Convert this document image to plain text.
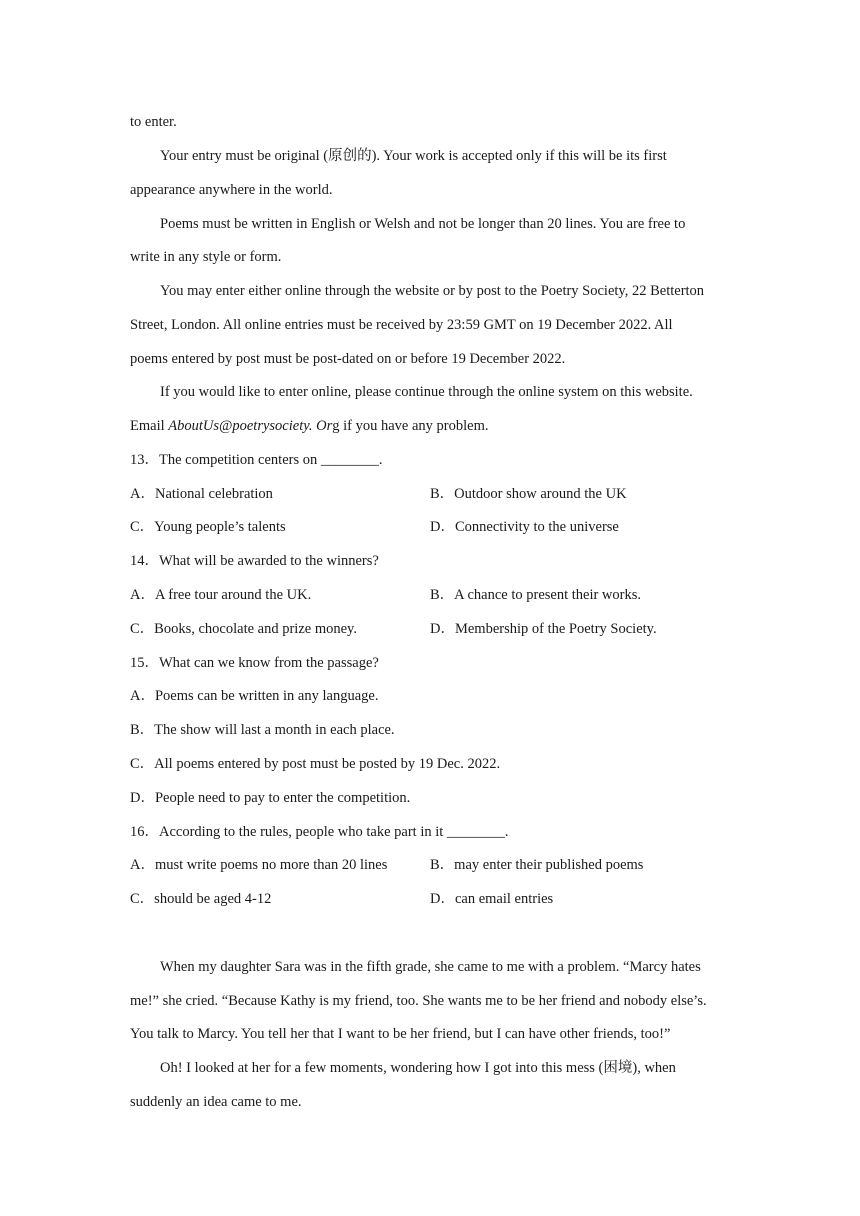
to enter.
Your entry must be original (原创的). Your work is accepted only if this will be its first
appearance anywhere in the world.
Poems must be written in English or Welsh and not be longer than 20 lines. You are free to
write in any style or form.
You may enter either online through the website or by post to the Poetry Society, 22 Betterton
Street, London. All online entries must be received by 23:59 GMT on 19 December 2022. All
poems entered by post must be post-dated on or before 19 December 2022.
If you would like to enter online, please continue through the online system on this website.
Email AboutUs@poetrysociety. Org if you have any problem.
13．The competition centers on ________.
A．National celebration	B．Outdoor show around the UK
C．Young people’s talents	D．Connectivity to the universe
14．What will be awarded to the winners?
A．A free tour around the UK.	B．A chance to present their works.
C．Books, chocolate and prize money.	D．Membership of the Poetry Society.
15．What can we know from the passage?
A．Poems can be written in any language.
B．The show will last a month in each place.
C．All poems entered by post must be posted by 19 Dec. 2022.
D．People need to pay to enter the competition.
16．According to the rules, people who take part in it ________.
A．must write poems no more than 20 lines	B．may enter their published poems
C．should be aged 4-12	D．can email entries
When my daughter Sara was in the fifth grade, she came to me with a problem. “Marcy hates
me!” she cried. “Because Kathy is my friend, too. She wants me to be her friend and nobody else’s.
You talk to Marcy. You tell her that I want to be her friend, but I can have other friends, too!”
Oh! I looked at her for a few moments, wondering how I got into this mess (困境), when
suddenly an idea came to me.
